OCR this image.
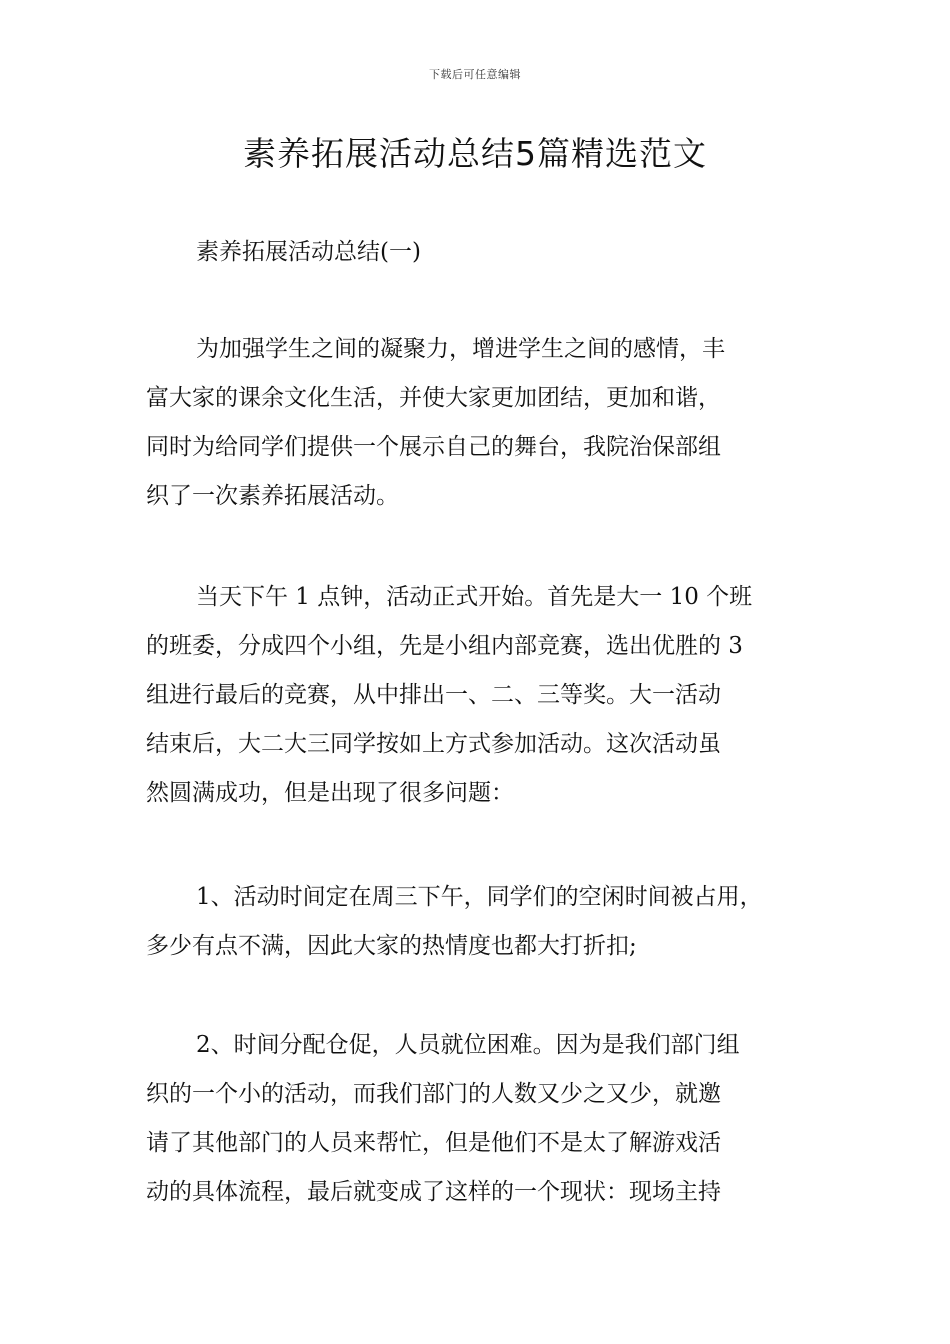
下载后可任意编辑
素养拓展活动总结5篇精选范文
素养拓展活动总结(一)
为加强学生之间的凝聚力，增进学生之间的感情，丰
富大家的课余文化生活，并使大家更加团结，更加和谐，
同时为给同学们提供一个展示自己的舞台，我院治保部组
织了一次素养拓展活动。
当天下午 1 点钟，活动正式开始。首先是大一 10 个班
的班委，分成四个小组，先是小组内部竞赛，选出优胜的 3
组进行最后的竞赛，从中排出一、二、三等奖。大一活动
结束后，大二大三同学按如上方式参加活动。这次活动虽
然圆满成功，但是出现了很多问题：
1、活动时间定在周三下午，同学们的空闲时间被占用，
多少有点不满，因此大家的热情度也都大打折扣;
2、时间分配仓促，人员就位困难。因为是我们部门组
织的一个小的活动，而我们部门的人数又少之又少，就邀
请了其他部门的人员来帮忙，但是他们不是太了解游戏活
动的具体流程，最后就变成了这样的一个现状：现场主持
